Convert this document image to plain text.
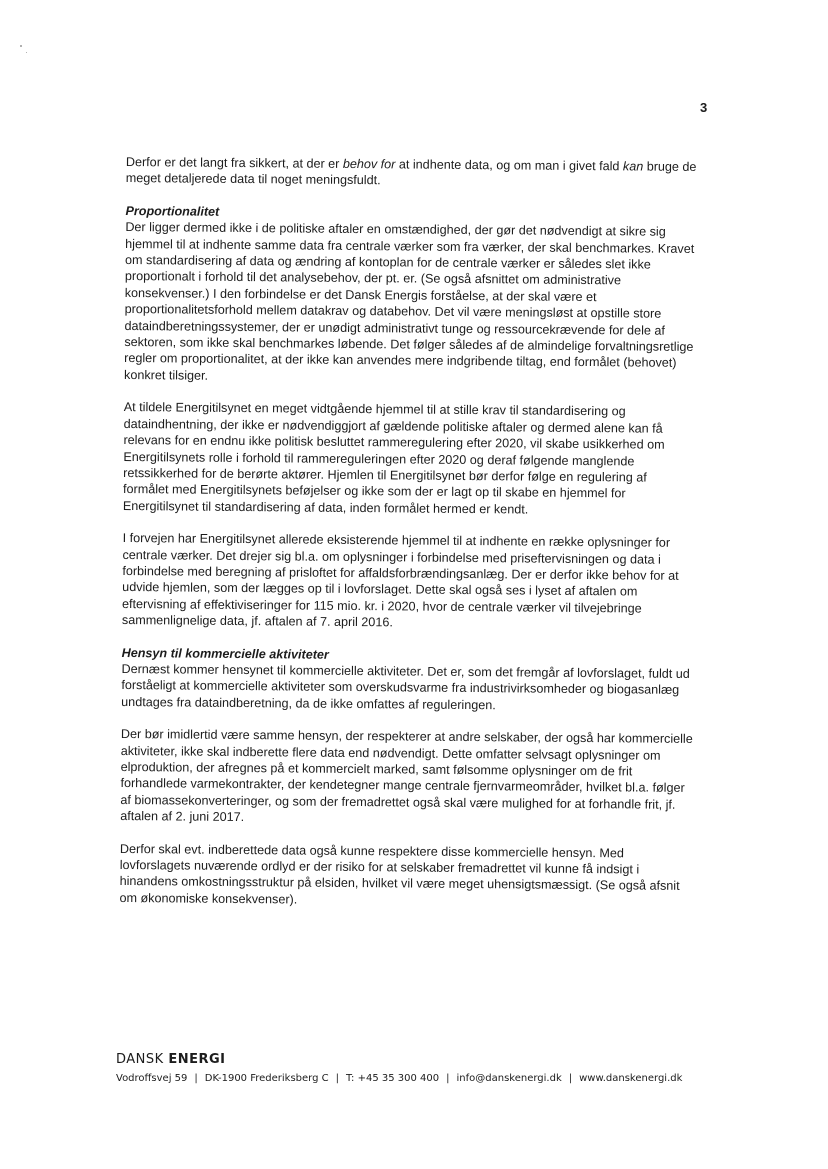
3

Derfor er det langt fra sikkert, at der er behov for at indhente data, og om man i givet fald kan bruge de meget detaljerede data til noget meningsfuldt.

Proportionalitet

Der ligger dermed ikke i de politiske aftaler en omstændighed, der gør det nødvendigt at sikre sig hjemmel til at indhente samme data fra centrale værker som fra værker, der skal benchmarkes. Kravet om standardisering af data og ændring af kontoplan for de centrale værker er således slet ikke proportionalt i forhold til det analysebehov, der pt. er. (Se også afsnittet om administrative konsekvenser.) I den forbindelse er det Dansk Energis forståelse, at der skal være et proportionalitetsforhold mellem datakrav og databehov. Det vil være meningsløst at opstille store dataindberetningssystemer, der er unødigt administrativt tunge og ressourcekrævende for dele af sektoren, som ikke skal benchmarkes løbende. Det følger således af de almindelige forvaltningsretlige regler om proportionalitet, at der ikke kan anvendes mere indgribende tiltag, end formålet (behovet) konkret tilsiger.

At tildele Energitilsynet en meget vidtgående hjemmel til at stille krav til standardisering og dataindhentning, der ikke er nødvendiggjort af gældende politiske aftaler og dermed alene kan få relevans for en endnu ikke politisk besluttet rammeregulering efter 2020, vil skabe usikkerhed om Energitilsynets rolle i forhold til rammereguleringen efter 2020 og deraf følgende manglende retssikkerhed for de berørte aktører. Hjemlen til Energitilsynet bør derfor følge en regulering af formålet med Energitilsynets beføjelser og ikke som der er lagt op til skabe en hjemmel for Energitilsynet til standardisering af data, inden formålet hermed er kendt.

I forvejen har Energitilsynet allerede eksisterende hjemmel til at indhente en række oplysninger for centrale værker. Det drejer sig bl.a. om oplysninger i forbindelse med priseftervisningen og data i forbindelse med beregning af prisloftet for affaldsforbrændingsanlæg. Der er derfor ikke behov for at udvide hjemlen, som der lægges op til i lovforslaget. Dette skal også ses i lyset af aftalen om eftervisning af effektiviseringer for 115 mio. kr. i 2020, hvor de centrale værker vil tilvejebringe sammenlignelige data, jf. aftalen af 7. april 2016.

Hensyn til kommercielle aktiviteter

Dernæst kommer hensynet til kommercielle aktiviteter. Det er, som det fremgår af lovforslaget, fuldt ud forståeligt at kommercielle aktiviteter som overskudsvarme fra industrivirksomheder og biogasanlæg undtages fra dataindberetning, da de ikke omfattes af reguleringen.

Der bør imidlertid være samme hensyn, der respekterer at andre selskaber, der også har kommercielle aktiviteter, ikke skal indberette flere data end nødvendigt. Dette omfatter selvsagt oplysninger om elproduktion, der afregnes på et kommercielt marked, samt følsomme oplysninger om de frit forhandlede varmekontrakter, der kendetegner mange centrale fjernvarmeområder, hvilket bl.a. følger af biomassekonverteringer, og som der fremadrettet også skal være mulighed for at forhandle frit, jf. aftalen af 2. juni 2017.

Derfor skal evt. indberettede data også kunne respektere disse kommercielle hensyn. Med lovforslagets nuværende ordlyd er der risiko for at selskaber fremadrettet vil kunne få indsigt i hinandens omkostningsstruktur på elsiden, hvilket vil være meget uhensigtsmæssigt. (Se også afsnit om økonomiske konsekvenser).

DANSK ENERGI
Vodroffsvej 59 | DK-1900 Frederiksberg C | T: +45 35 300 400 | info@danskenergi.dk | www.danskenergi.dk
